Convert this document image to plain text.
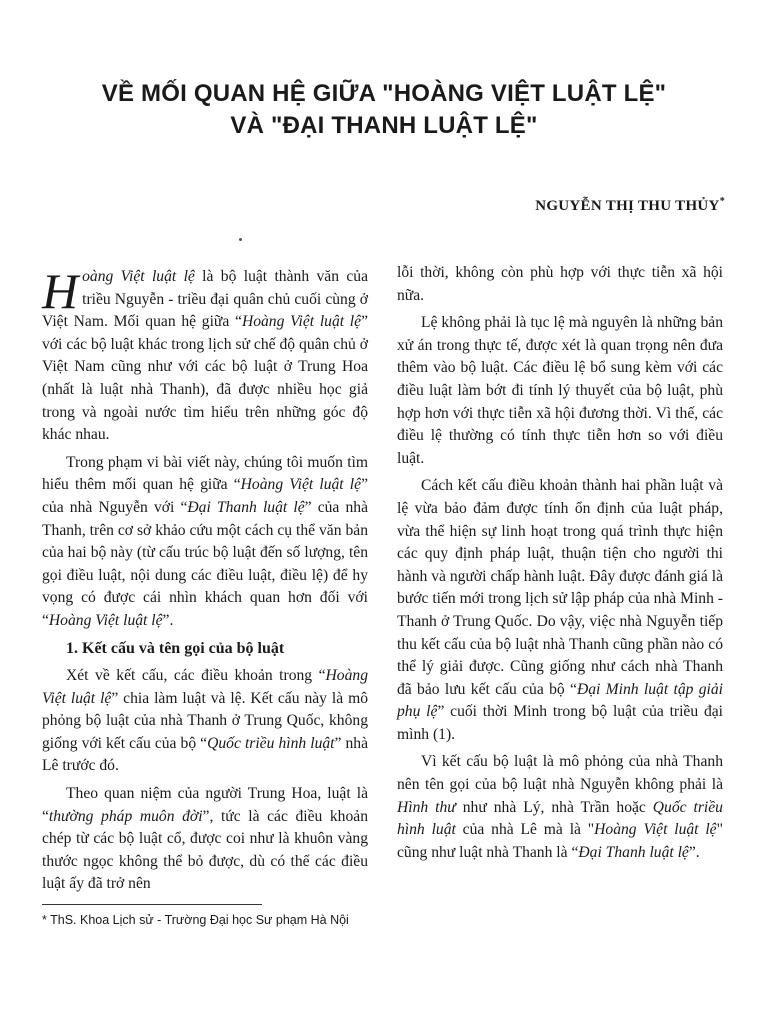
VỀ MỐI QUAN HỆ GIỮA "HOÀNG VIỆT LUẬT LỆ"
VÀ "ĐẠI THANH LUẬT LỆ"
NGUYỄN THỊ THU THỦY*

Hoàng Việt luật lệ là bộ luật thành văn của triều Nguyễn - triều đại quân chủ cuối cùng ở Việt Nam. Mối quan hệ giữa “Hoàng Việt luật lệ” với các bộ luật khác trong lịch sử chế độ quân chủ ở Việt Nam cũng như với các bộ luật ở Trung Hoa (nhất là luật nhà Thanh), đã được nhiều học giả trong và ngoài nước tìm hiểu trên những góc độ khác nhau.

Trong phạm vi bài viết này, chúng tôi muốn tìm hiểu thêm mối quan hệ giữa “Hoàng Việt luật lệ” của nhà Nguyễn với “Đại Thanh luật lệ” của nhà Thanh, trên cơ sở khảo cứu một cách cụ thể văn bản của hai bộ này (từ cấu trúc bộ luật đến số lượng, tên gọi điều luật, nội dung các điều luật, điều lệ) để hy vọng có được cái nhìn khách quan hơn đối với “Hoàng Việt luật lệ”.

1. Kết cấu và tên gọi của bộ luật

Xét về kết cấu, các điều khoản trong “Hoàng Việt luật lệ” chia làm luật và lệ. Kết cấu này là mô phỏng bộ luật của nhà Thanh ở Trung Quốc, không giống với kết cấu của bộ “Quốc triều hình luật” nhà Lê trước đó.

Theo quan niệm của người Trung Hoa, luật là “thường pháp muôn đời”, tức là các điều khoản chép từ các bộ luật cổ, được coi như là khuôn vàng thước ngọc không thể bỏ được, dù có thể các điều luật ấy đã trở nên

lỗi thời, không còn phù hợp với thực tiễn xã hội nữa.

Lệ không phải là tục lệ mà nguyên là những bản xử án trong thực tế, được xét là quan trọng nên đưa thêm vào bộ luật. Các điều lệ bổ sung kèm với các điều luật làm bớt đi tính lý thuyết của bộ luật, phù hợp hơn với thực tiễn xã hội đương thời. Vì thế, các điều lệ thường có tính thực tiễn hơn so với điều luật.

Cách kết cấu điều khoản thành hai phần luật và lệ vừa bảo đảm được tính ổn định của luật pháp, vừa thể hiện sự linh hoạt trong quá trình thực hiện các quy định pháp luật, thuận tiện cho người thi hành và người chấp hành luật. Đây được đánh giá là bước tiến mới trong lịch sử lập pháp của nhà Minh - Thanh ở Trung Quốc. Do vậy, việc nhà Nguyễn tiếp thu kết cấu của bộ luật nhà Thanh cũng phần nào có thể lý giải được. Cũng giống như cách nhà Thanh đã bảo lưu kết cấu của bộ “Đại Minh luật tập giải phụ lệ” cuối thời Minh trong bộ luật của triều đại mình (1).

Vì kết cấu bộ luật là mô phỏng của nhà Thanh nên tên gọi của bộ luật nhà Nguyễn không phải là Hình thư như nhà Lý, nhà Trần hoặc Quốc triều hình luật của nhà Lê mà là "Hoàng Việt luật lệ" cũng như luật nhà Thanh là “Đại Thanh luật lệ”.

* ThS. Khoa Lịch sử - Trường Đại học Sư phạm Hà Nội
